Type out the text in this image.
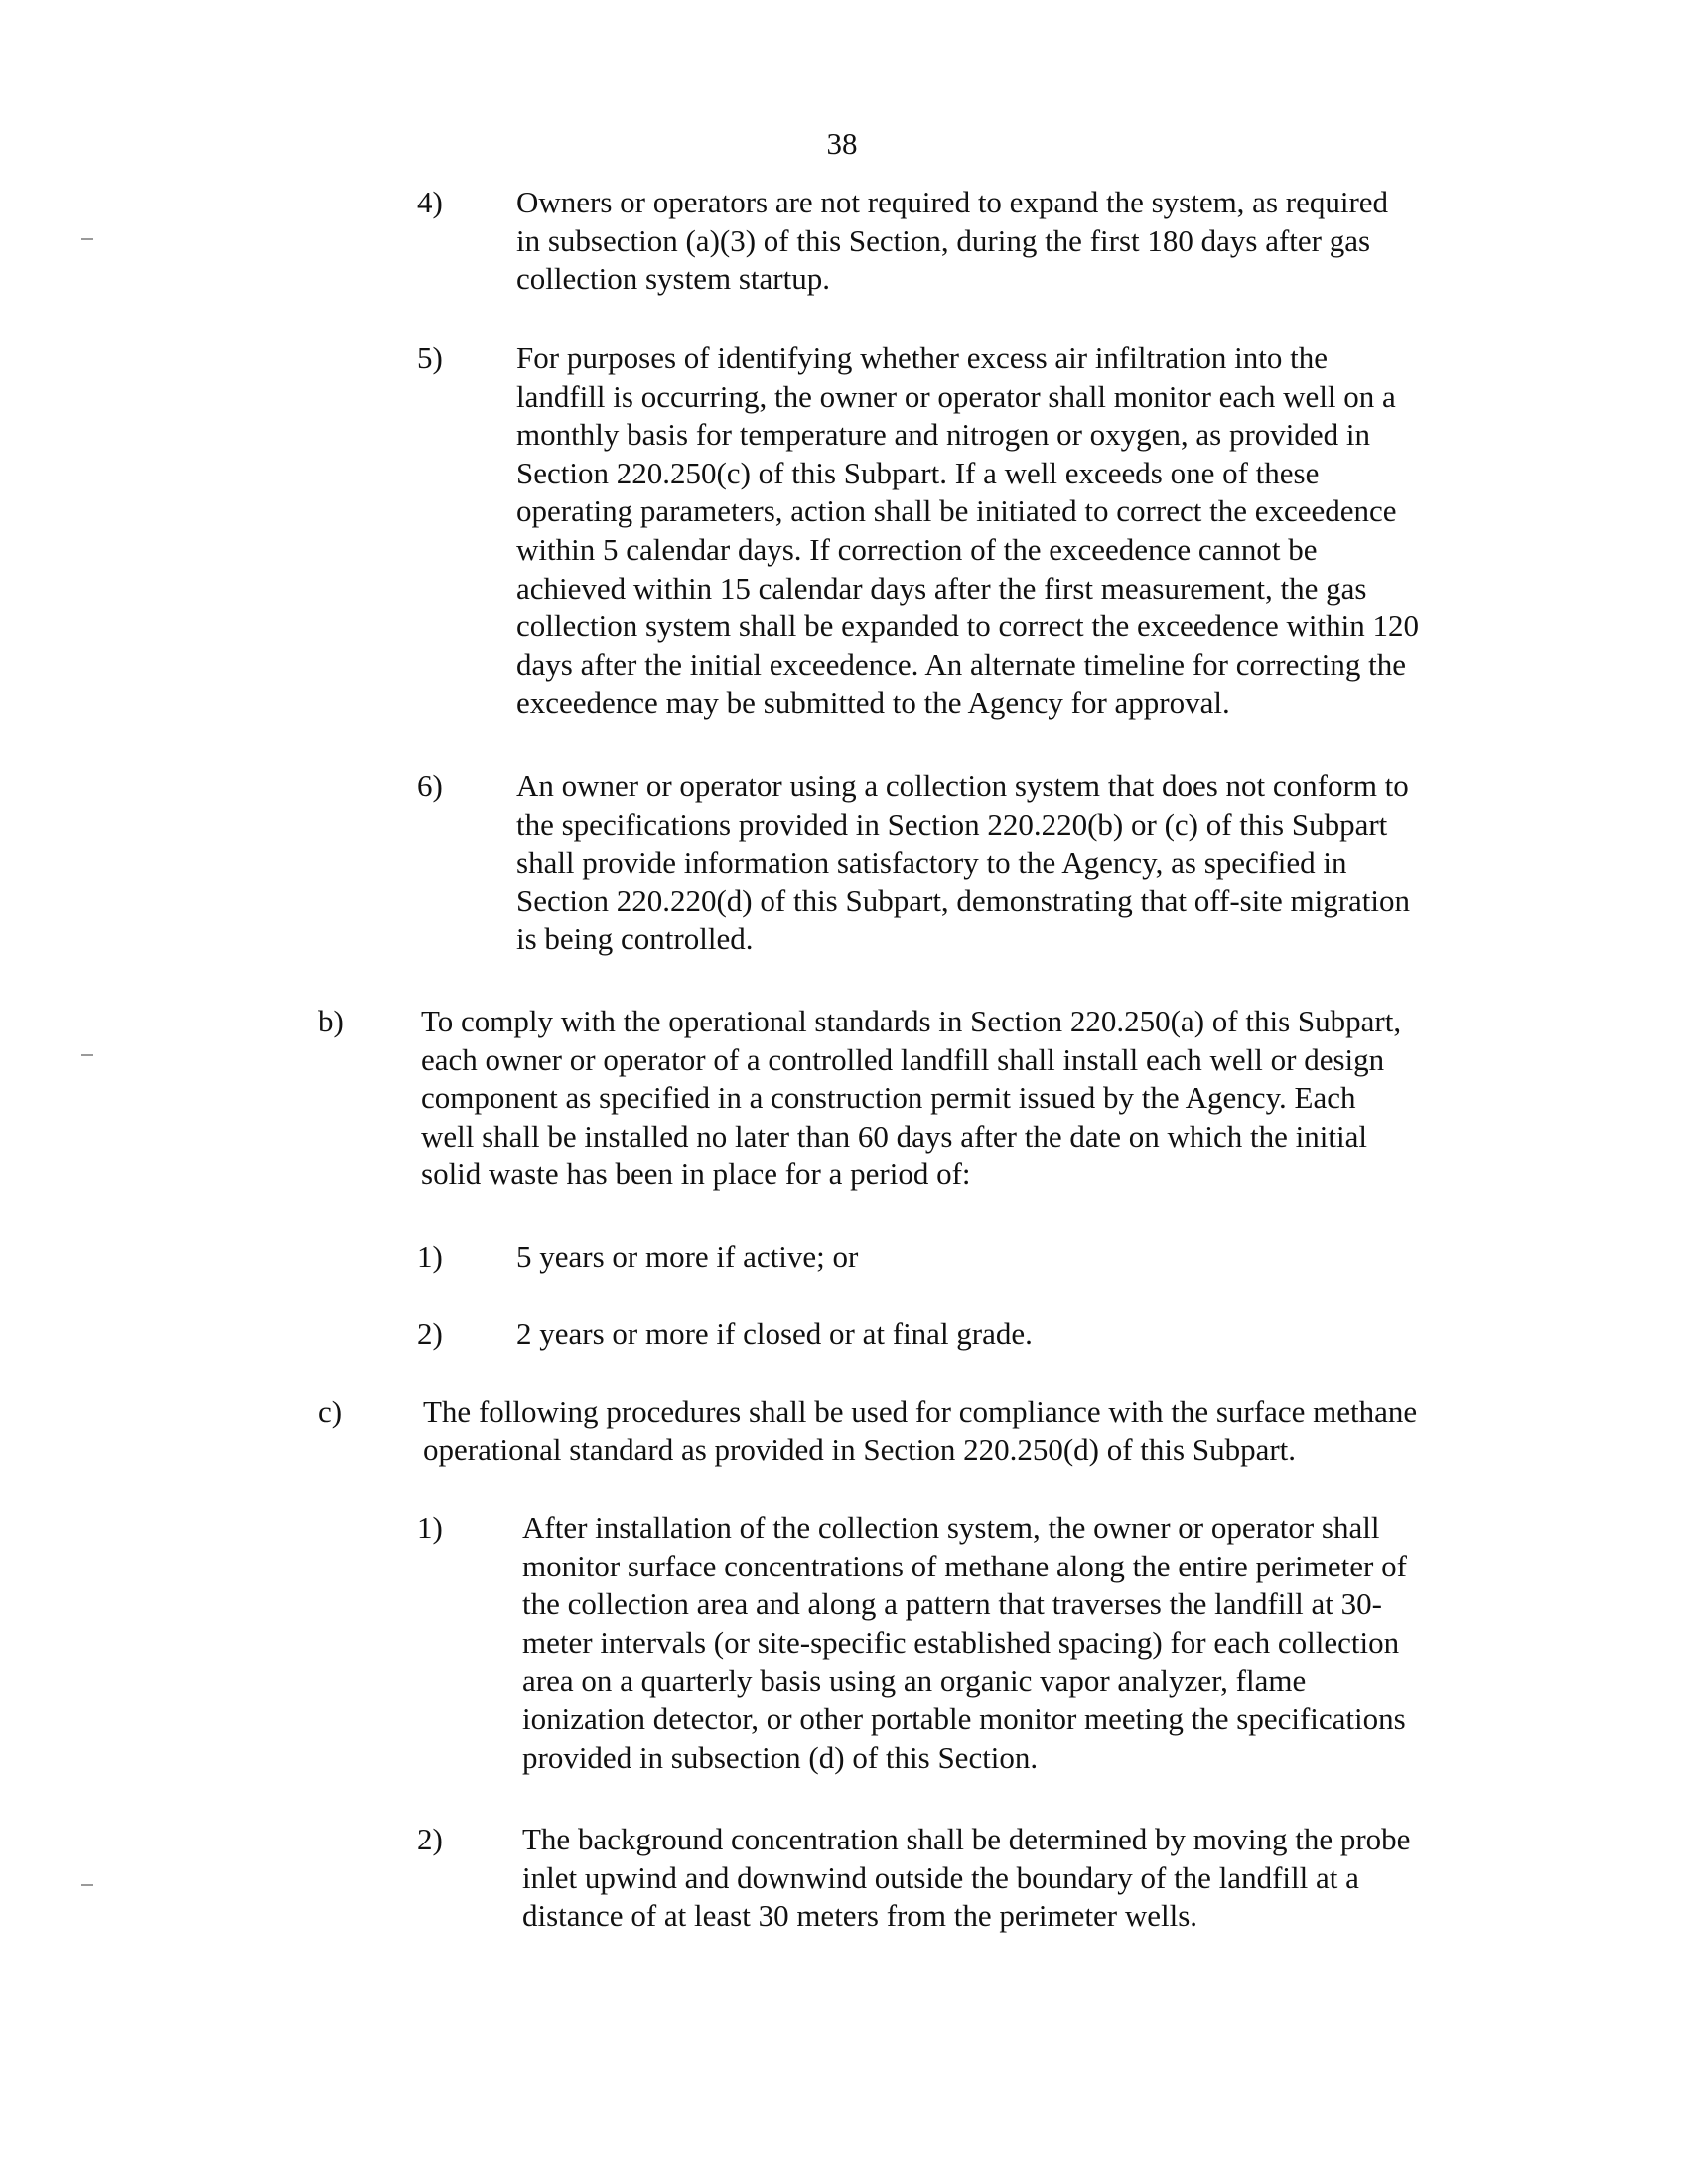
38
4) Owners or operators are not required to expand the system, as required
in subsection (a)(3) of this Section, during the first 180 days after gas
collection system startup.

5) For purposes of identifying whether excess air infiltration into the
landfill is occurring, the owner or operator shall monitor each well on a
monthly basis for temperature and nitrogen or oxygen, as provided in
Section 220.250(c) of this Subpart. If a well exceeds one of these
operating parameters, action shall be initiated to correct the exceedence
within 5 calendar days. If correction of the exceedence cannot be
achieved within 15 calendar days after the first measurement, the gas
collection system shall be expanded to correct the exceedence within 120
days after the initial exceedence. An alternate timeline for correcting the
exceedence may be submitted to the Agency for approval.

6) An owner or operator using a collection system that does not conform to
the specifications provided in Section 220.220(b) or (c) of this Subpart
shall provide information satisfactory to the Agency, as specified in
Section 220.220(d) of this Subpart, demonstrating that off-site migration
is being controlled.

b)	To comply with the operational standards in Section 220.250(a) of this Subpart,
each owner or operator of a controlled landfill shall install each well or design
component as specified in a construction permit issued by the Agency. Each
well shall be installed no later than 60 days after the date on which the initial
solid waste has been in place for a period of:

1) 5 years or more if active; or

2) 2 years or more if closed or at final grade.

c)	The following procedures shall be used for compliance with the surface methane
operational standard as provided in Section 220.250(d) of this Subpart.

1)	After installation of the collection system, the owner or operator shall
monitor surface concentrations of methane along the entire perimeter of
the collection area and along a pattern that traverses the landfill at 30-
meter intervals (or site-specific established spacing) for each collection
area on a quarterly basis using an organic vapor analyzer, flame
ionization detector, or other portable monitor meeting the specifications
provided in subsection (d) of this Section.

2)	The background concentration shall be determined by moving the probe
inlet upwind and downwind outside the boundary of the landfill at a
distance of at least 30 meters from the perimeter wells.
